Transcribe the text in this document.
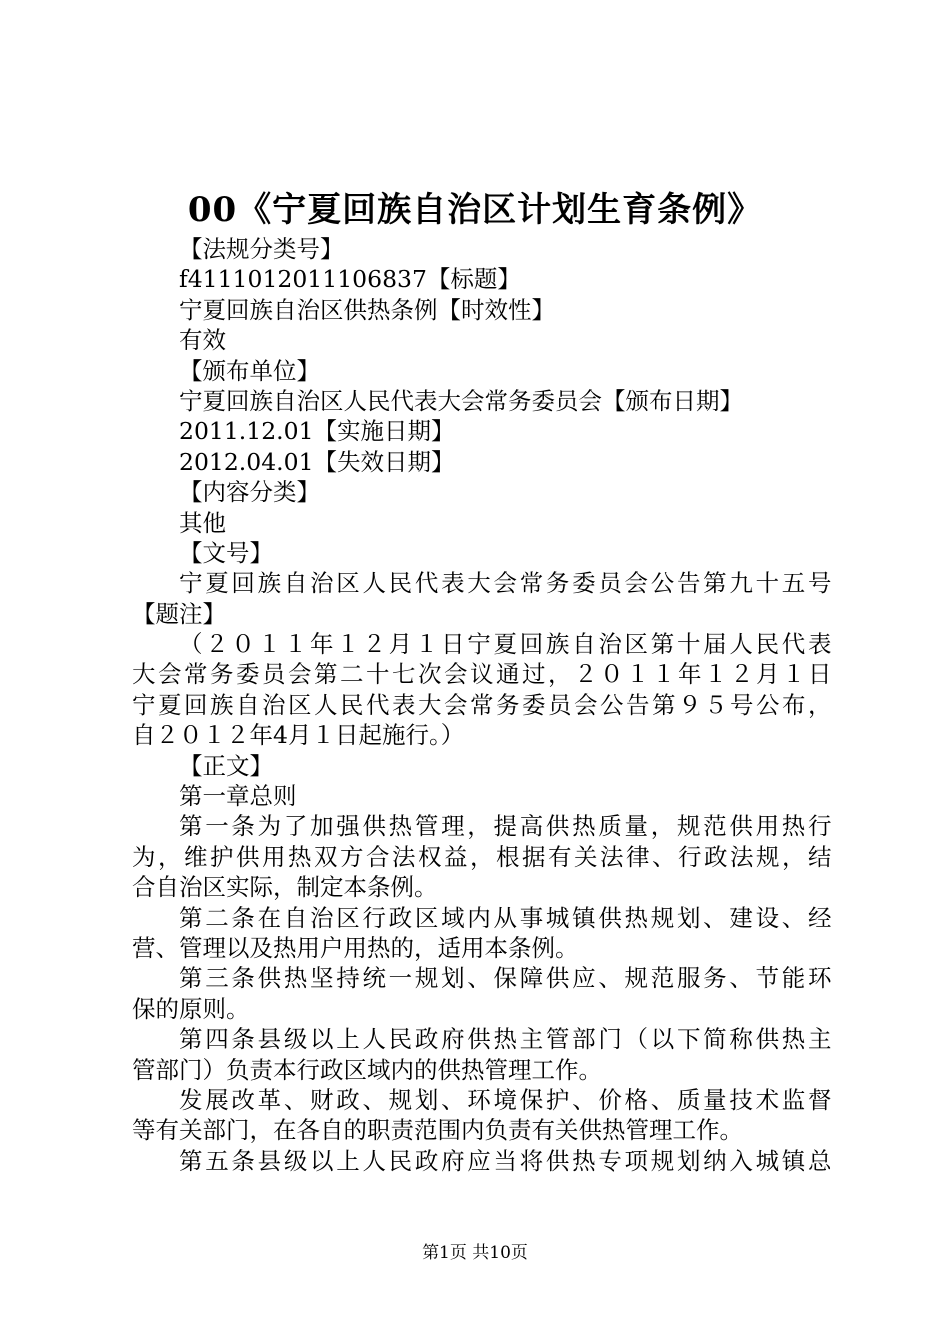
00《宁夏回族自治区计划生育条例》
【法规分类号】
f4111012011106837【标题】
宁夏回族自治区供热条例【时效性】
有效
【颁布单位】
宁夏回族自治区人民代表大会常务委员会【颁布日期】
2011.12.01【实施日期】
2012.04.01【失效日期】
【内容分类】
其他
【文号】
宁夏回族自治区人民代表大会常务委员会公告第九十五号
【题注】
（２０１１年１２月１日宁夏回族自治区第十届人民代表
大会常务委员会第二十七次会议通过，２０１１年１２月１日
宁夏回族自治区人民代表大会常务委员会公告第９５号公布，
自２０１２年4月１日起施行。）
【正文】
第一章总则
第一条为了加强供热管理，提高供热质量，规范供用热行
为，维护供用热双方合法权益，根据有关法律、行政法规，结
合自治区实际，制定本条例。
第二条在自治区行政区域内从事城镇供热规划、建设、经
营、管理以及热用户用热的，适用本条例。
第三条供热坚持统一规划、保障供应、规范服务、节能环
保的原则。
第四条县级以上人民政府供热主管部门（以下简称供热主
管部门）负责本行政区域内的供热管理工作。
发展改革、财政、规划、环境保护、价格、质量技术监督
等有关部门，在各自的职责范围内负责有关供热管理工作。
第五条县级以上人民政府应当将供热专项规划纳入城镇总
第1页 共10页
